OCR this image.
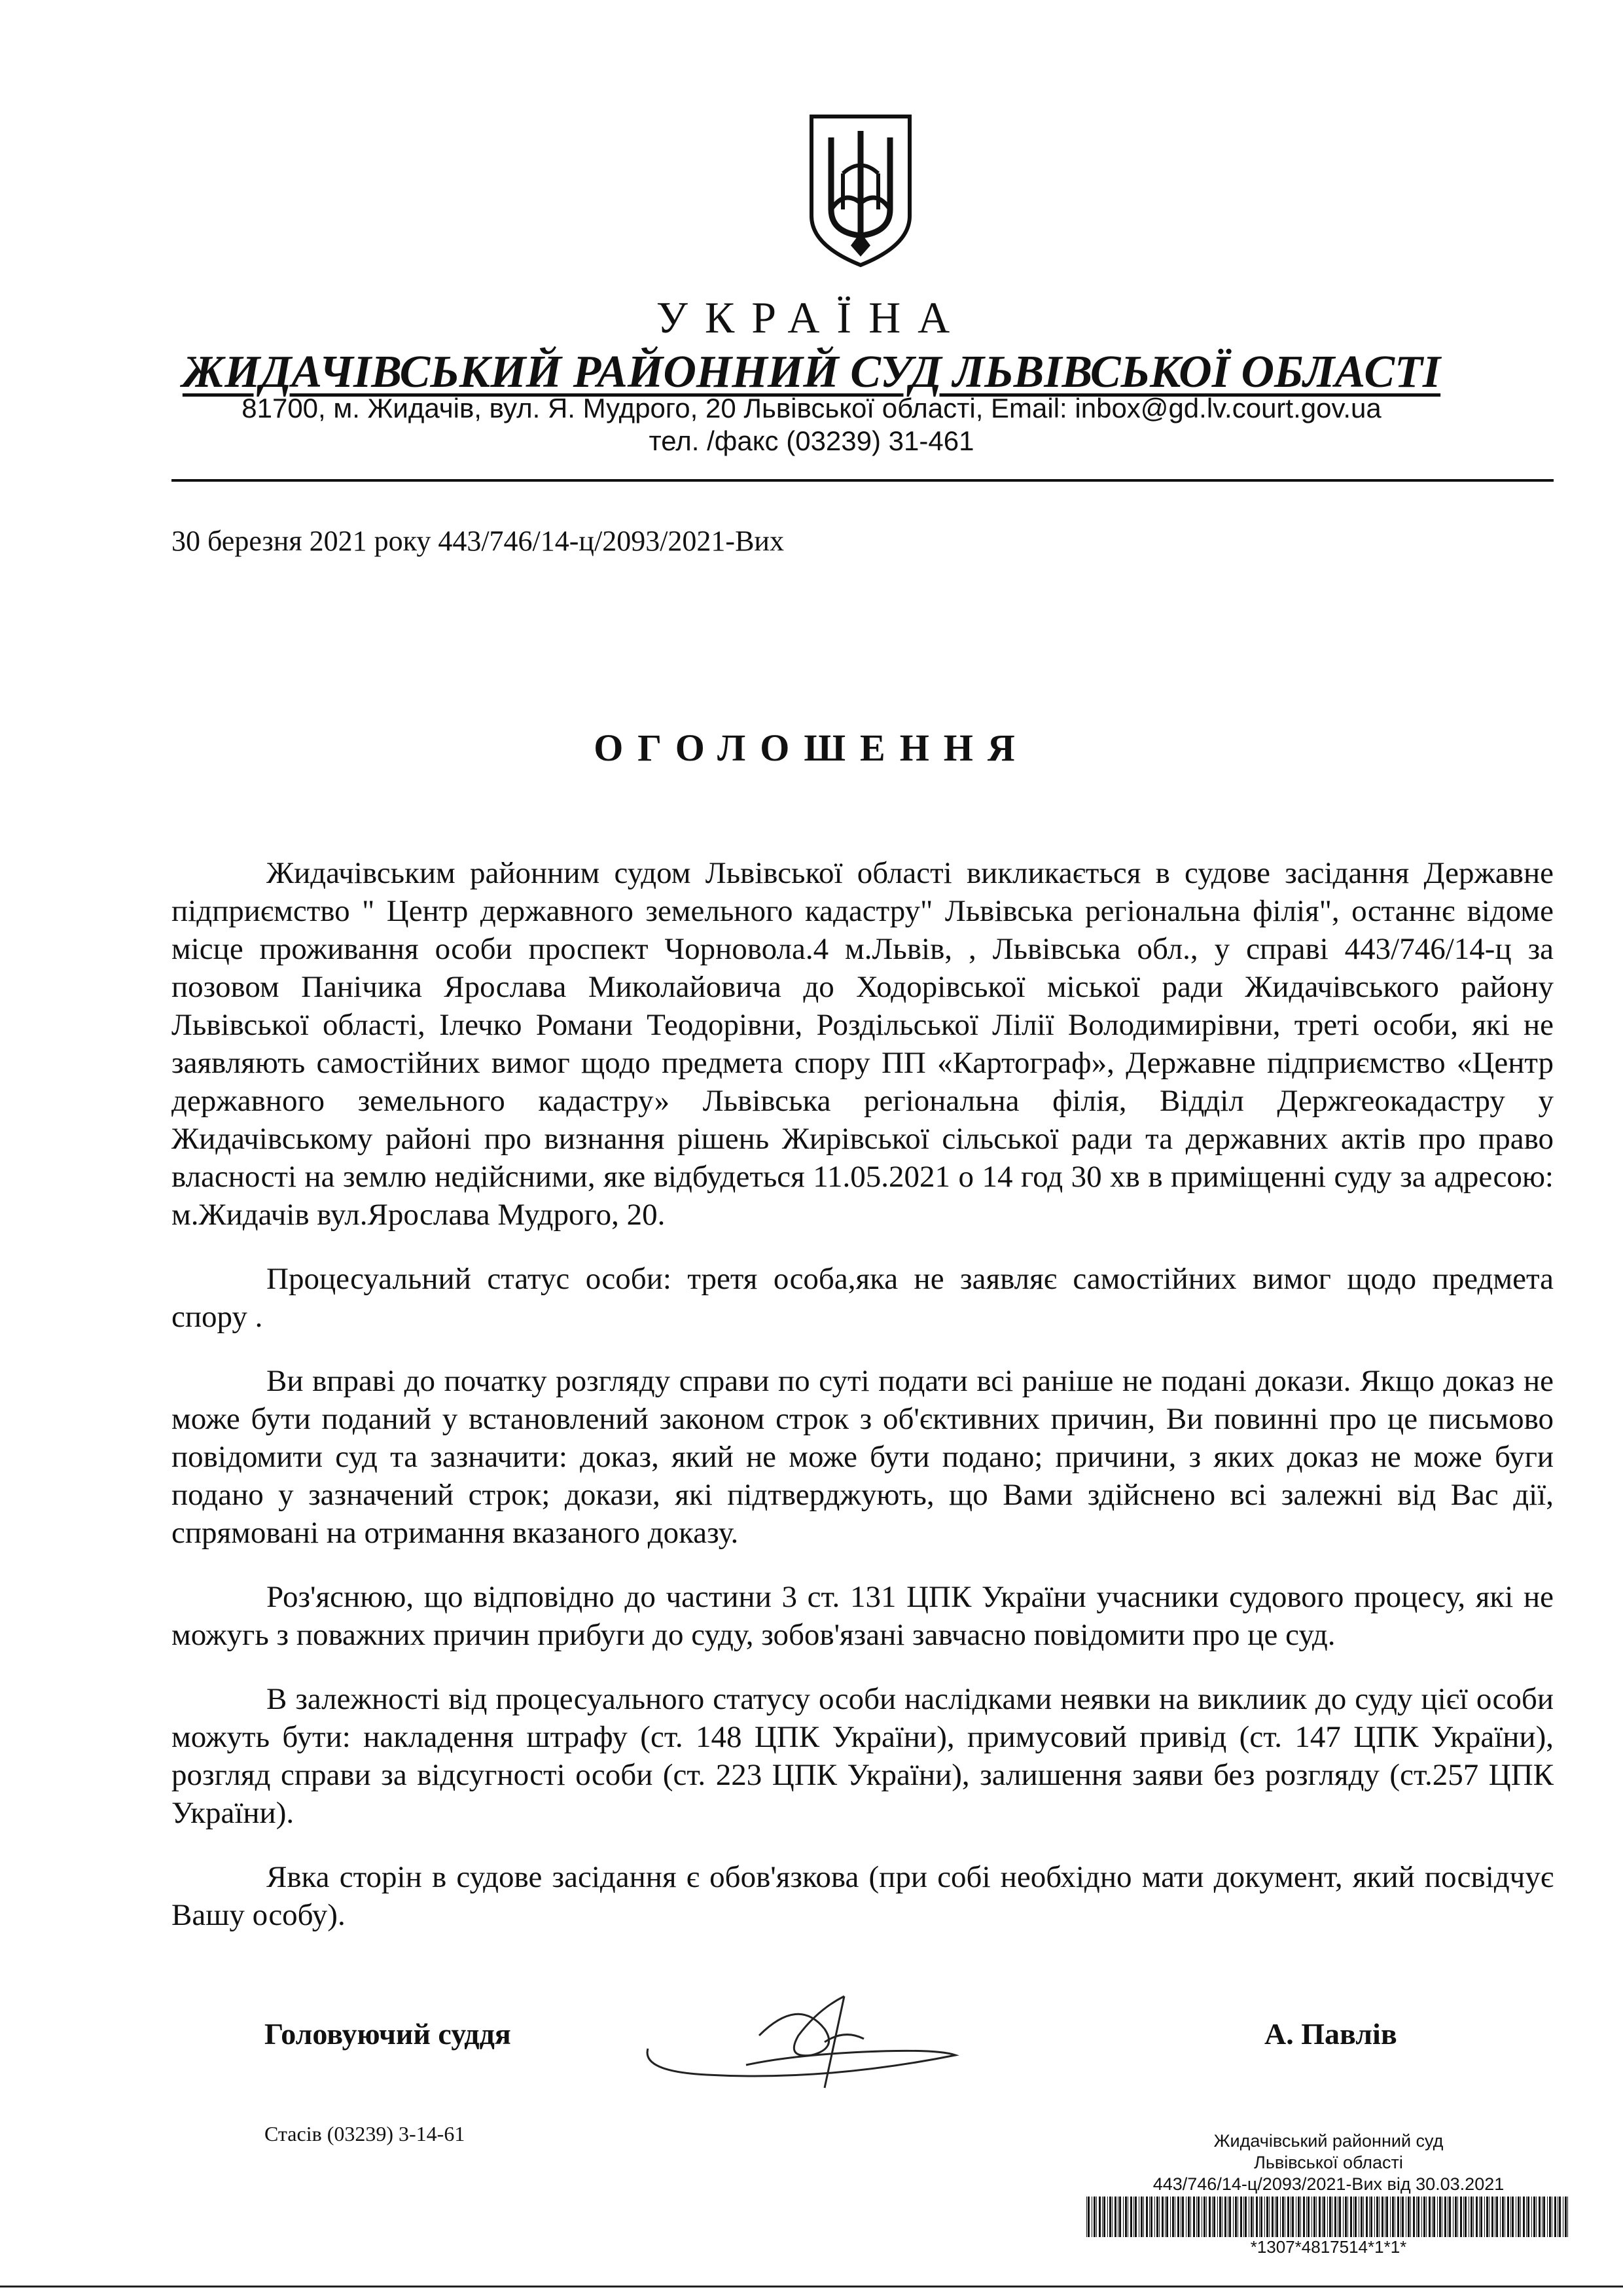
УКРАЇНА
ЖИДАЧІВСЬКИЙ РАЙОННИЙ СУД ЛЬВІВСЬКОЇ ОБЛАСТІ
81700, м. Жидачів, вул. Я. Мудрого, 20 Львівської області, Email: inbox@gd.lv.court.gov.ua
тел. /факс (03239) 31-461
30 березня 2021 року 443/746/14-ц/2093/2021-Вих
ОГОЛОШЕННЯ

Жидачівським районним судом Львівської області викликається в судове засідання Державне підприємство " Центр державного земельного кадастру" Львівська регіональна філія", останнє відоме місце проживання особи проспект Чорновола.4 м.Львів, , Львівська обл., у справі 443/746/14-ц за позовом Панічика Ярослава Миколайовича до Ходорівської міської ради Жидачівського району Львівської області, Ілечко Романи Теодорівни, Роздільської Лілії Володимирівни, треті особи, які не заявляють самостійних вимог щодо предмета спору ПП «Картограф», Державне підприємство «Центр державного земельного кадастру» Львівська регіональна філія, Відділ Держгеокадастру у Жидачівському районі про визнання рішень Жирівської сільської ради та державних актів про право власності на землю недійсними, яке відбудеться 11.05.2021 о 14 год 30 хв в приміщенні суду за адресою: м.Жидачів вул.Ярослава Мудрого, 20.

Процесуальний статус особи: третя особа,яка не заявляє самостійних вимог щодо предмета спору .

Ви вправі до початку розгляду справи по суті подати всі раніше не подані докази. Якщо доказ не може бути поданий у встановлений законом строк з об'єктивних причин, Ви повинні про це письмово повідомити суд та зазначити: доказ, який не може бути подано; причини, з яких доказ не може буги подано у зазначений строк; докази, які підтверджують, що Вами здійснено всі залежні від Вас дії, спрямовані на отримання вказаного доказу.

Роз'яснюю, що відповідно до частини 3 ст. 131 ЦПК України учасники судового процесу, які не можугь з поважних причин прибуги до суду, зобов'язані завчасно повідомити про це суд.

В залежності від процесуального статусу особи наслідками неявки на виклиик до суду цієї особи можуть бути: накладення штрафу (ст. 148 ЦПК України), примусовий привід (ст. 147 ЦПК України), розгляд справи за відсугності особи (ст. 223 ЦПК України), залишення заяви без розгляду (ст.257 ЦПК України).

Явка сторін в судове засідання є обов'язкова (при собі необхідно мати документ, який посвідчує Вашу особу).

Головуючий суддя	А. Павлів
Стасів (03239) 3-14-61	Жидачівський районний суд
Львівської області
443/746/14-ц/2093/2021-Вих від 30.03.2021
*1307*4817514*1*1*
